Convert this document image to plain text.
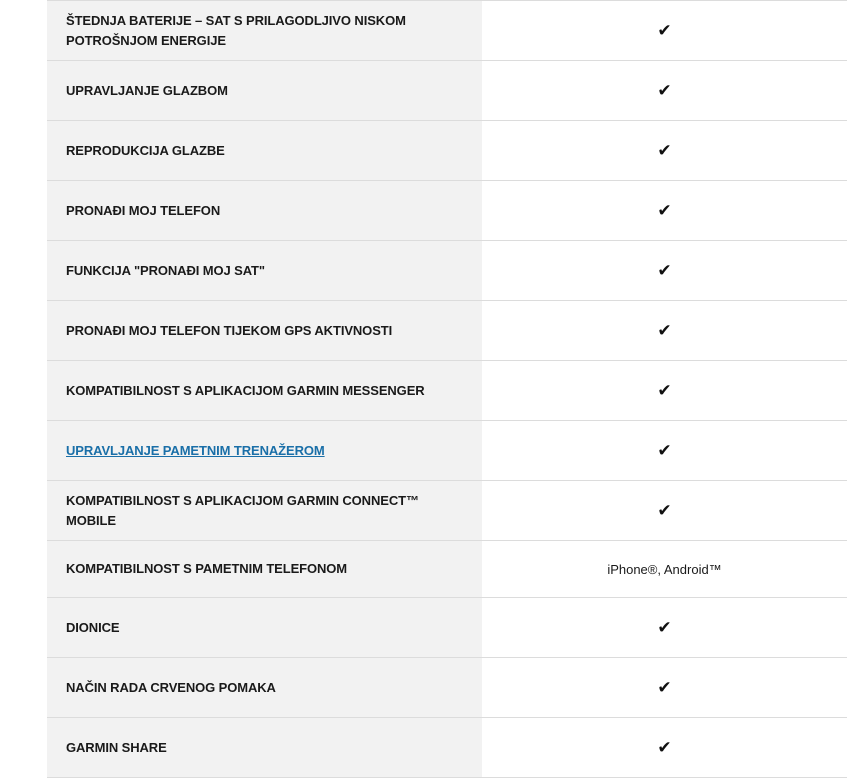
ŠTEDNJA BATERIJE – SAT S PRILAGODLJIVO NISKOM POTROŠNJOM ENERGIJE	✔
UPRAVLJANJE GLAZBOM	✔
REPRODUKCIJA GLAZBE	✔
PRONAĐI MOJ TELEFON	✔
FUNKCIJA "PRONAĐI MOJ SAT"	✔
PRONAĐI MOJ TELEFON TIJEKOM GPS AKTIVNOSTI	✔
KOMPATIBILNOST S APLIKACIJOM GARMIN MESSENGER	✔
UPRAVLJANJE PAMETNIM TRENAŽEROM	✔
KOMPATIBILNOST S APLIKACIJOM GARMIN CONNECT™ MOBILE	✔
KOMPATIBILNOST S PAMETNIM TELEFONOM	iPhone®, Android™
DIONICE	✔
NAČIN RADA CRVENOG POMAKA	✔
GARMIN SHARE	✔
